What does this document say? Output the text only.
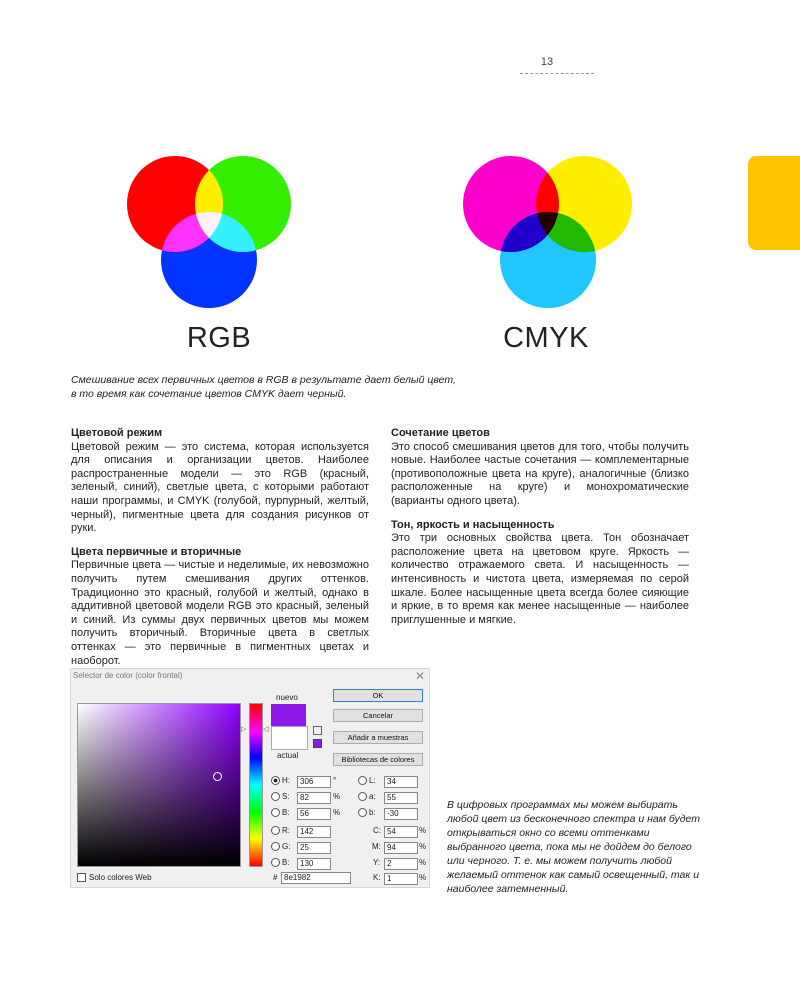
13
RGB	CMYK
Смешивание всех первичных цветов в RGB в результате дает белый цвет,
в то время как сочетание цветов CMYK дает черный.
Цветовой режим

Цветовой режим — это система, которая используется для описания и организации цветов. Наиболее распространенные модели — это RGB (красный, зеленый, синий), светлые цвета, с которыми работают наши программы, и CMYK (голубой, пурпурный, желтый, черный), пигментные цвета для создания рисунков от руки.

Цвета первичные и вторичные

Первичные цвета — чистые и неделимые, их невозможно получить путем смешивания других оттенков. Традиционно это красный, голубой и желтый, однако в аддитивной цветовой модели RGB это красный, зеленый и синий. Из суммы двух первичных цветов мы можем получить вторичный. Вторичные цвета в светлых оттенках — это первичные в пигментных цветах и наоборот.

Сочетание цветов

Это способ смешивания цветов для того, чтобы получить новые. Наиболее частые сочетания — комплементарные (противоположные цвета на круге), аналогичные (близко расположенные на круге) и монохроматические (варианты одного цвета).

Тон, яркость и насыщенность

Это три основных свойства цвета. Тон обозначает расположение цвета на цветовом круге. Яркость — количество отражаемого света. И насыщенность — интенсивность и чистота цвета, измеряемая по серой шкале. Более насыщенные цвета всегда более сияющие и яркие, в то время как менее насыщенные — наиболее приглушенные и мягкие.

Selector de color (color frontal)	✕
▷ ◁
nuevo
actual
OK
Cancelar
Añadir a muestras
Bibliotecas de colores
H:	306	°
S:	82	%
B:	56	%
R:	142
G:	25
B:	130
L:	34
a:	55
b:	-30
C: 54	%
M: 94	%
Y: 2	%
K: 1	%
# 8e1982
Solo colores Web
В цифровых программах мы можем выбирать любой цвет из бесконечного спектра и нам будет открываться окно со всеми оттенками выбранного цвета, пока мы не дойдем до белого или черного. Т. е. мы можем получить любой желаемый оттенок как самый освещенный, так и наиболее затемненный.
